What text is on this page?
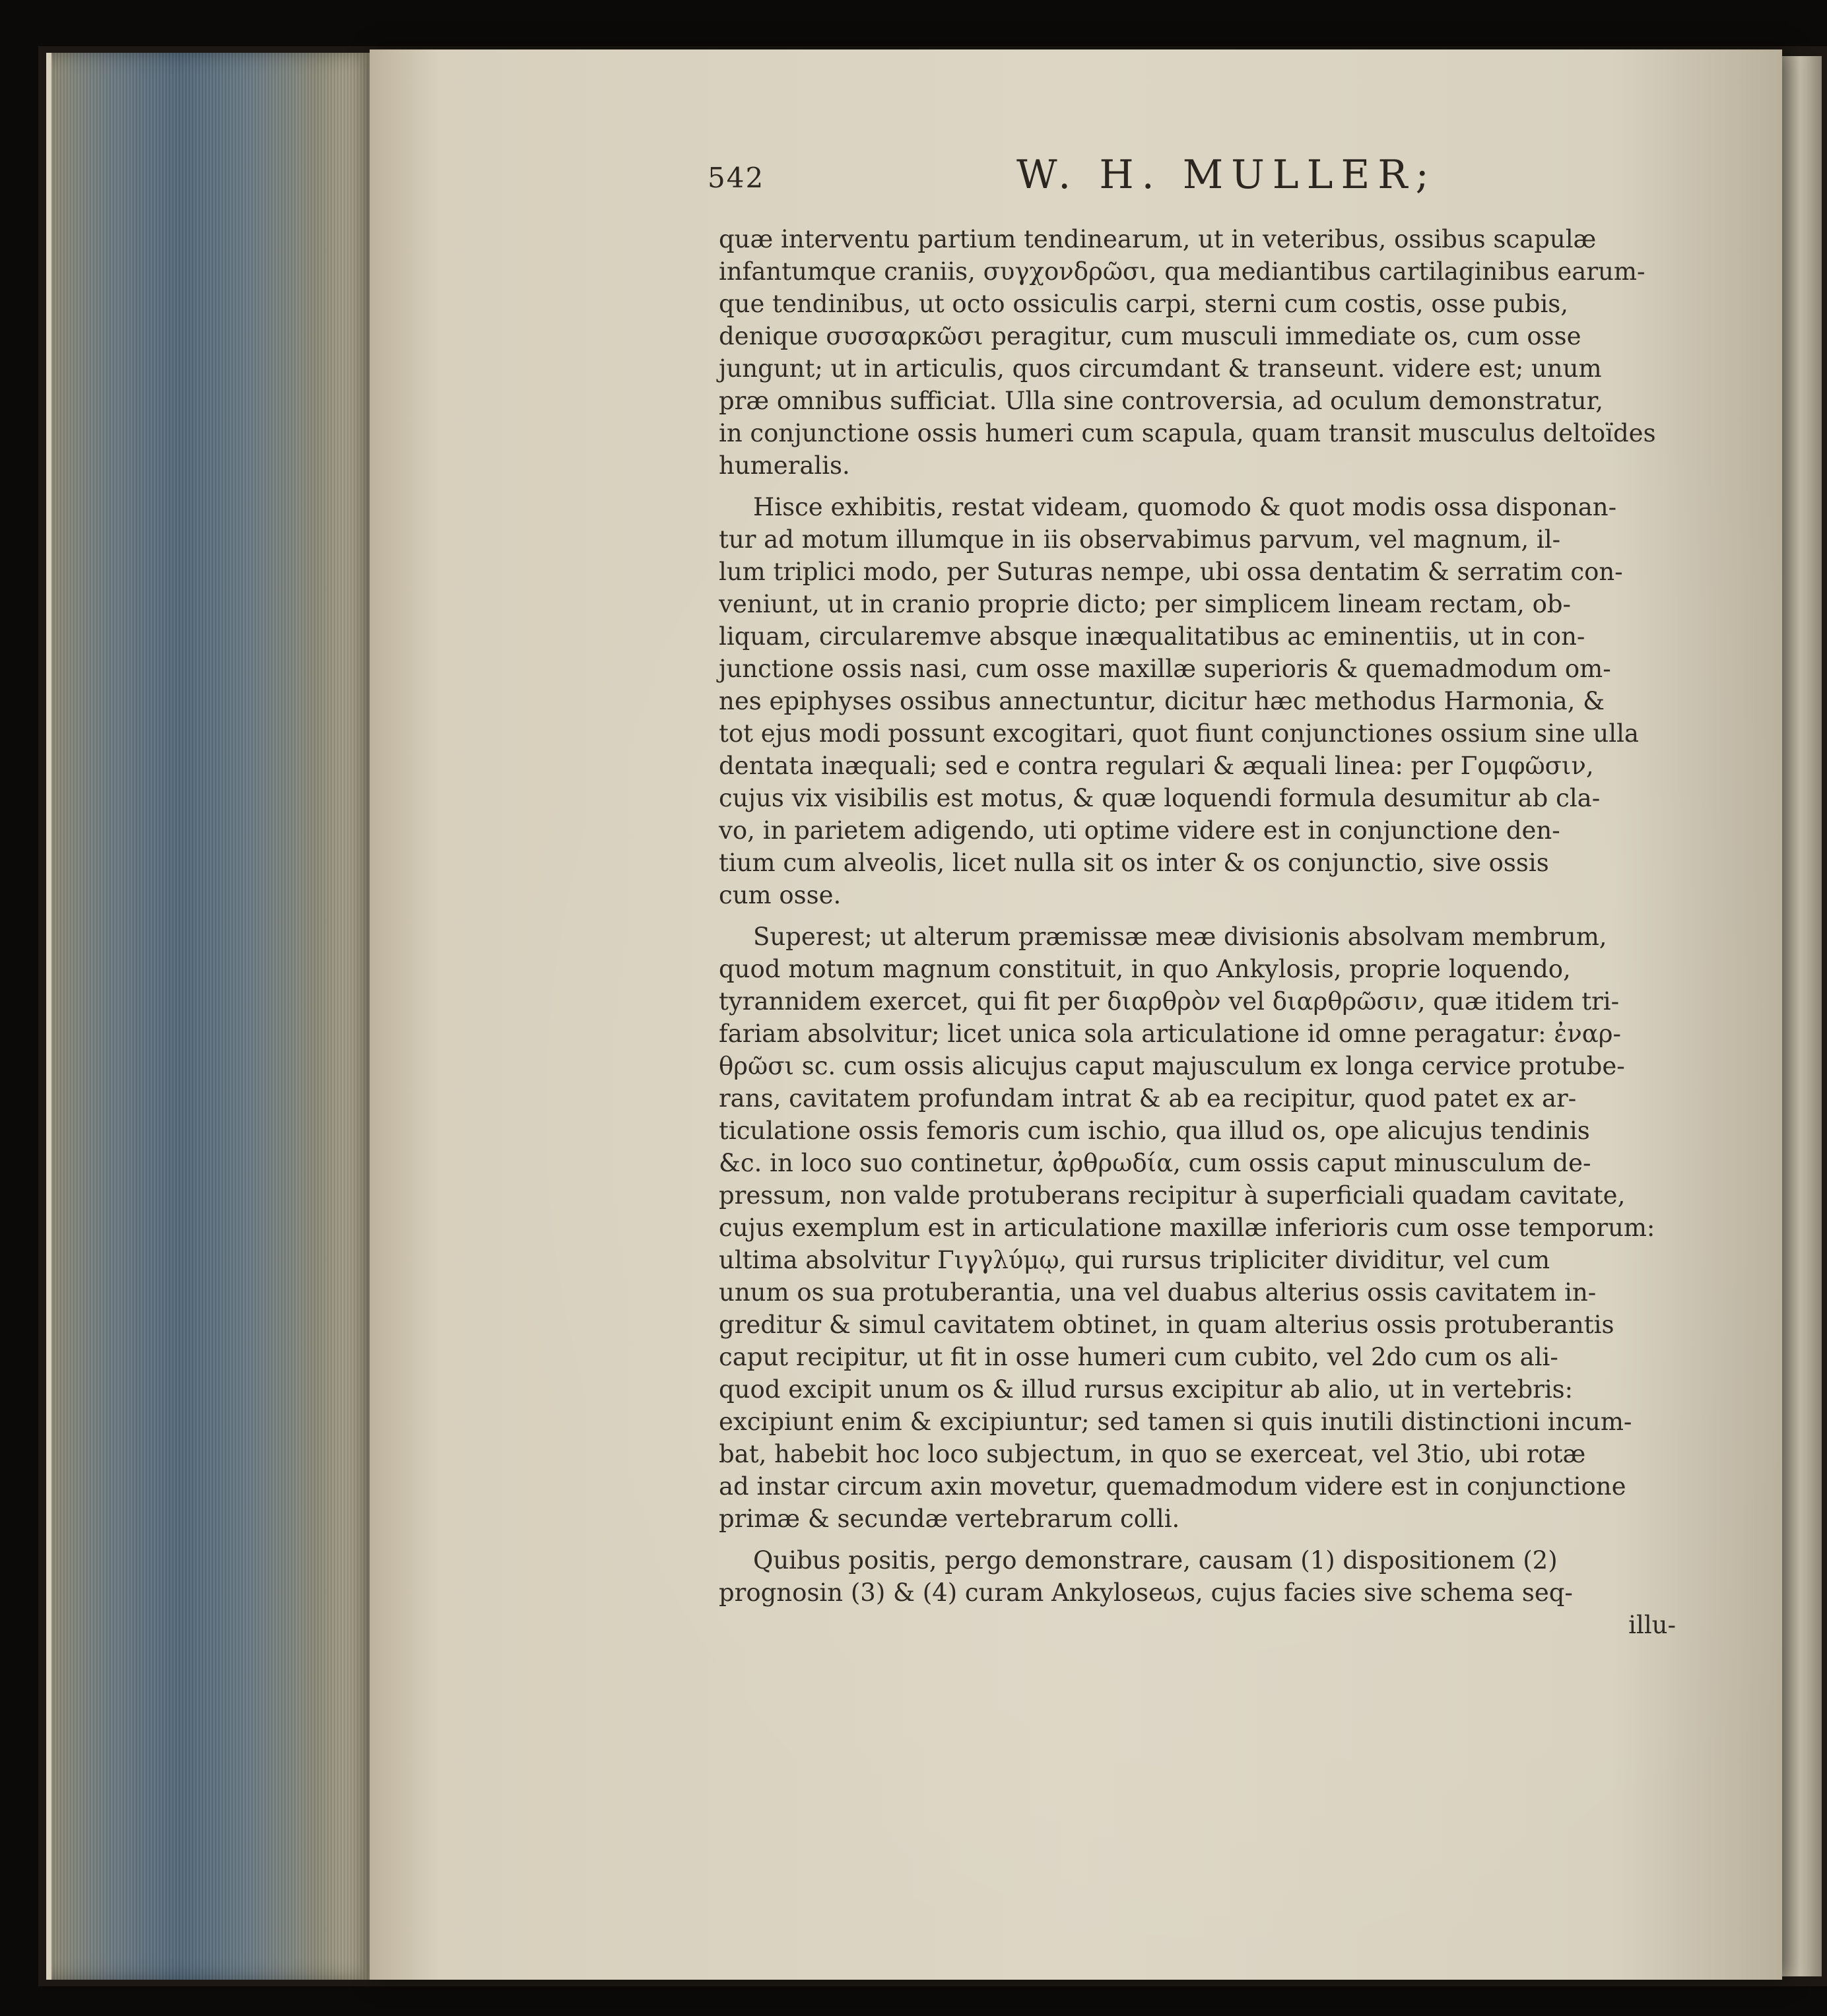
542	W. H. MULLER;
quæ interventu partium tendinearum, ut in veteribus, ossibus scapulæ
infantumque craniis, συγχονδρῶσι, qua mediantibus cartilaginibus earum-
que tendinibus, ut octo ossiculis carpi, sterni cum costis, osse pubis,
denique συσσαρκῶσι peragitur, cum musculi immediate os, cum osse
jungunt; ut in articulis, quos circumdant & transeunt. videre est; unum
præ omnibus sufficiat. Ulla sine controversia, ad oculum demonstratur,
in conjunctione ossis humeri cum scapula, quam transit musculus deltoïdes
humeralis.
Hisce exhibitis, restat videam, quomodo & quot modis ossa disponan-
tur ad motum illumque in iis observabimus parvum, vel magnum, il-
lum triplici modo, per Suturas nempe, ubi ossa dentatim & serratim con-
veniunt, ut in cranio proprie dicto; per simplicem lineam rectam, ob-
liquam, circularemve absque inæqualitatibus ac eminentiis, ut in con-
junctione ossis nasi, cum osse maxillæ superioris & quemadmodum om-
nes epiphyses ossibus annectuntur, dicitur hæc methodus Harmonia, &
tot ejus modi possunt excogitari, quot fiunt conjunctiones ossium sine ulla
dentata inæquali; sed e contra regulari & æquali linea: per Γομφῶσιν,
cujus vix visibilis est motus, & quæ loquendi formula desumitur ab cla-
vo, in parietem adigendo, uti optime videre est in conjunctione den-
tium cum alveolis, licet nulla sit os inter & os conjunctio, sive ossis
cum osse.
Superest; ut alterum præmissæ meæ divisionis absolvam membrum,
quod motum magnum constituit, in quo Ankylosis, proprie loquendo,
tyrannidem exercet, qui fit per διαρθρὸν vel διαρθρῶσιν, quæ itidem tri-
fariam absolvitur; licet unica sola articulatione id omne peragatur: ἐναρ-
θρῶσι sc. cum ossis alicujus caput majusculum ex longa cervice protube-
rans, cavitatem profundam intrat & ab ea recipitur, quod patet ex ar-
ticulatione ossis femoris cum ischio, qua illud os, ope alicujus tendinis
&c. in loco suo continetur, ἀρθρωδία, cum ossis caput minusculum de-
pressum, non valde protuberans recipitur à superficiali quadam cavitate,
cujus exemplum est in articulatione maxillæ inferioris cum osse temporum:
ultima absolvitur Γιγγλύμῳ, qui rursus tripliciter dividitur, vel cum
unum os sua protuberantia, una vel duabus alterius ossis cavitatem in-
greditur & simul cavitatem obtinet, in quam alterius ossis protuberantis
caput recipitur, ut fit in osse humeri cum cubito, vel 2do cum os ali-
quod excipit unum os & illud rursus excipitur ab alio, ut in vertebris:
excipiunt enim & excipiuntur; sed tamen si quis inutili distinctioni incum-
bat, habebit hoc loco subjectum, in quo se exerceat, vel 3tio, ubi rotæ
ad instar circum axin movetur, quemadmodum videre est in conjunctione
primæ & secundæ vertebrarum colli.
Quibus positis, pergo demonstrare, causam (1) dispositionem (2)
prognosin (3) & (4) curam Ankyloseωs, cujus facies sive schema seq-
illu-
